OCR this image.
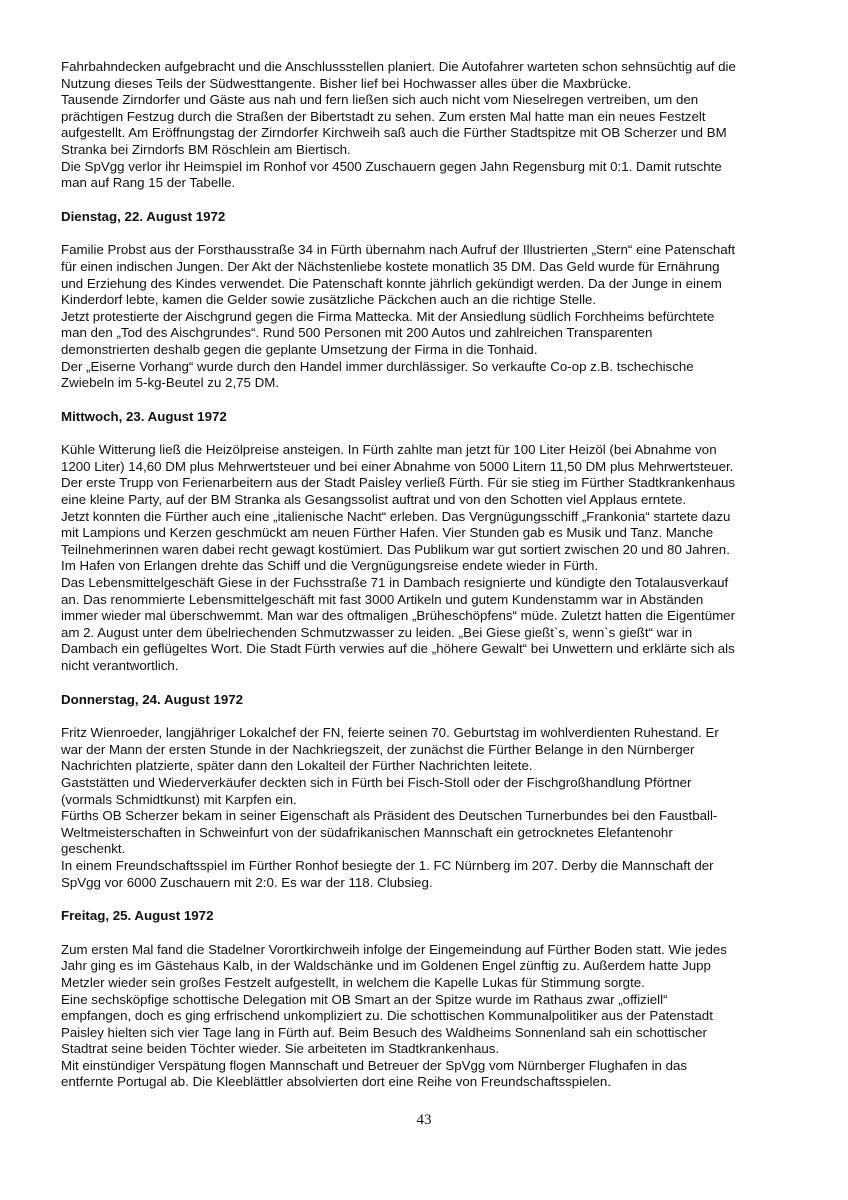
Fahrbahndecken aufgebracht und die Anschlussstellen planiert. Die Autofahrer warteten schon sehnsüchtig auf die
Nutzung dieses Teils der Südwesttangente. Bisher lief bei Hochwasser alles über die Maxbrücke.

Tausende Zirndorfer und Gäste aus nah und fern ließen sich auch nicht vom Nieselregen vertreiben, um den
prächtigen Festzug durch die Straßen der Bibertstadt zu sehen. Zum ersten Mal hatte man ein neues Festzelt
aufgestellt. Am Eröffnungstag der Zirndorfer Kirchweih saß auch die Fürther Stadtspitze mit OB Scherzer und BM
Stranka bei Zirndorfs BM Röschlein am Biertisch.

Die SpVgg verlor ihr Heimspiel im Ronhof vor 4500 Zuschauern gegen Jahn Regensburg mit 0:1. Damit rutschte
man auf Rang 15 der Tabelle.

Dienstag, 22. August 1972

Familie Probst aus der Forsthausstraße 34 in Fürth übernahm nach Aufruf der Illustrierten „Stern“ eine Patenschaft
für einen indischen Jungen. Der Akt der Nächstenliebe kostete monatlich 35 DM. Das Geld wurde für Ernährung
und Erziehung des Kindes verwendet. Die Patenschaft konnte jährlich gekündigt werden. Da der Junge in einem
Kinderdorf lebte, kamen die Gelder sowie zusätzliche Päckchen auch an die richtige Stelle.

Jetzt protestierte der Aischgrund gegen die Firma Mattecka. Mit der Ansiedlung südlich Forchheims befürchtete
man den „Tod des Aischgrundes“. Rund 500 Personen mit 200 Autos und zahlreichen Transparenten
demonstrierten deshalb gegen die geplante Umsetzung der Firma in die Tonhaid.

Der „Eiserne Vorhang“ wurde durch den Handel immer durchlässiger. So verkaufte Co-op z.B. tschechische
Zwiebeln im 5-kg-Beutel zu 2,75 DM.

Mittwoch, 23. August 1972

Kühle Witterung ließ die Heizölpreise ansteigen. In Fürth zahlte man jetzt für 100 Liter Heizöl (bei Abnahme von
1200 Liter) 14,60 DM plus Mehrwertsteuer und bei einer Abnahme von 5000 Litern 11,50 DM plus Mehrwertsteuer.

Der erste Trupp von Ferienarbeitern aus der Stadt Paisley verließ Fürth. Für sie stieg im Fürther Stadtkrankenhaus
eine kleine Party, auf der BM Stranka als Gesangssolist auftrat und von den Schotten viel Applaus erntete.

Jetzt konnten die Fürther auch eine „italienische Nacht“ erleben. Das Vergnügungsschiff „Frankonia“ startete dazu
mit Lampions und Kerzen geschmückt am neuen Fürther Hafen. Vier Stunden gab es Musik und Tanz. Manche
Teilnehmerinnen waren dabei recht gewagt kostümiert. Das Publikum war gut sortiert zwischen 20 und 80 Jahren.
Im Hafen von Erlangen drehte das Schiff und die Vergnügungsreise endete wieder in Fürth.

Das Lebensmittelgeschäft Giese in der Fuchsstraße 71 in Dambach resignierte und kündigte den Totalausverkauf
an. Das renommierte Lebensmittelgeschäft mit fast 3000 Artikeln und gutem Kundenstamm war in Abständen
immer wieder mal überschwemmt. Man war des oftmaligen „Brüheschöpfens“ müde. Zuletzt hatten die Eigentümer
am 2. August unter dem übelriechenden Schmutzwasser zu leiden. „Bei Giese gießt`s, wenn`s gießt“ war in
Dambach ein geflügeltes Wort. Die Stadt Fürth verwies auf die „höhere Gewalt“ bei Unwettern und erklärte sich als
nicht verantwortlich.

Donnerstag, 24. August 1972

Fritz Wienroeder, langjähriger Lokalchef der FN, feierte seinen 70. Geburtstag im wohlverdienten Ruhestand. Er
war der Mann der ersten Stunde in der Nachkriegszeit, der zunächst die Fürther Belange in den Nürnberger
Nachrichten platzierte, später dann den Lokalteil der Fürther Nachrichten leitete.

Gaststätten und Wiederverkäufer deckten sich in Fürth bei Fisch-Stoll oder der Fischgroßhandlung Pförtner
(vormals Schmidtkunst) mit Karpfen ein.

Fürths OB Scherzer bekam in seiner Eigenschaft als Präsident des Deutschen Turnerbundes bei den Faustball-
Weltmeisterschaften in Schweinfurt von der südafrikanischen Mannschaft ein getrocknetes Elefantenohr
geschenkt.

In einem Freundschaftsspiel im Fürther Ronhof besiegte der 1. FC Nürnberg im 207. Derby die Mannschaft der
SpVgg vor 6000 Zuschauern mit 2:0. Es war der 118. Clubsieg.

Freitag, 25. August 1972

Zum ersten Mal fand die Stadelner Vorortkirchweih infolge der Eingemeindung auf Fürther Boden statt. Wie jedes
Jahr ging es im Gästehaus Kalb, in der Waldschänke und im Goldenen Engel zünftig zu. Außerdem hatte Jupp
Metzler wieder sein großes Festzelt aufgestellt, in welchem die Kapelle Lukas für Stimmung sorgte.

Eine sechsköpfige schottische Delegation mit OB Smart an der Spitze wurde im Rathaus zwar „offiziell“
empfangen, doch es ging erfrischend unkompliziert zu. Die schottischen Kommunalpolitiker aus der Patenstadt
Paisley hielten sich vier Tage lang in Fürth auf. Beim Besuch des Waldheims Sonnenland sah ein schottischer
Stadtrat seine beiden Töchter wieder. Sie arbeiteten im Stadtkrankenhaus.

Mit einstündiger Verspätung flogen Mannschaft und Betreuer der SpVgg vom Nürnberger Flughafen in das
entfernte Portugal ab. Die Kleeblättler absolvierten dort eine Reihe von Freundschaftsspielen.

43
